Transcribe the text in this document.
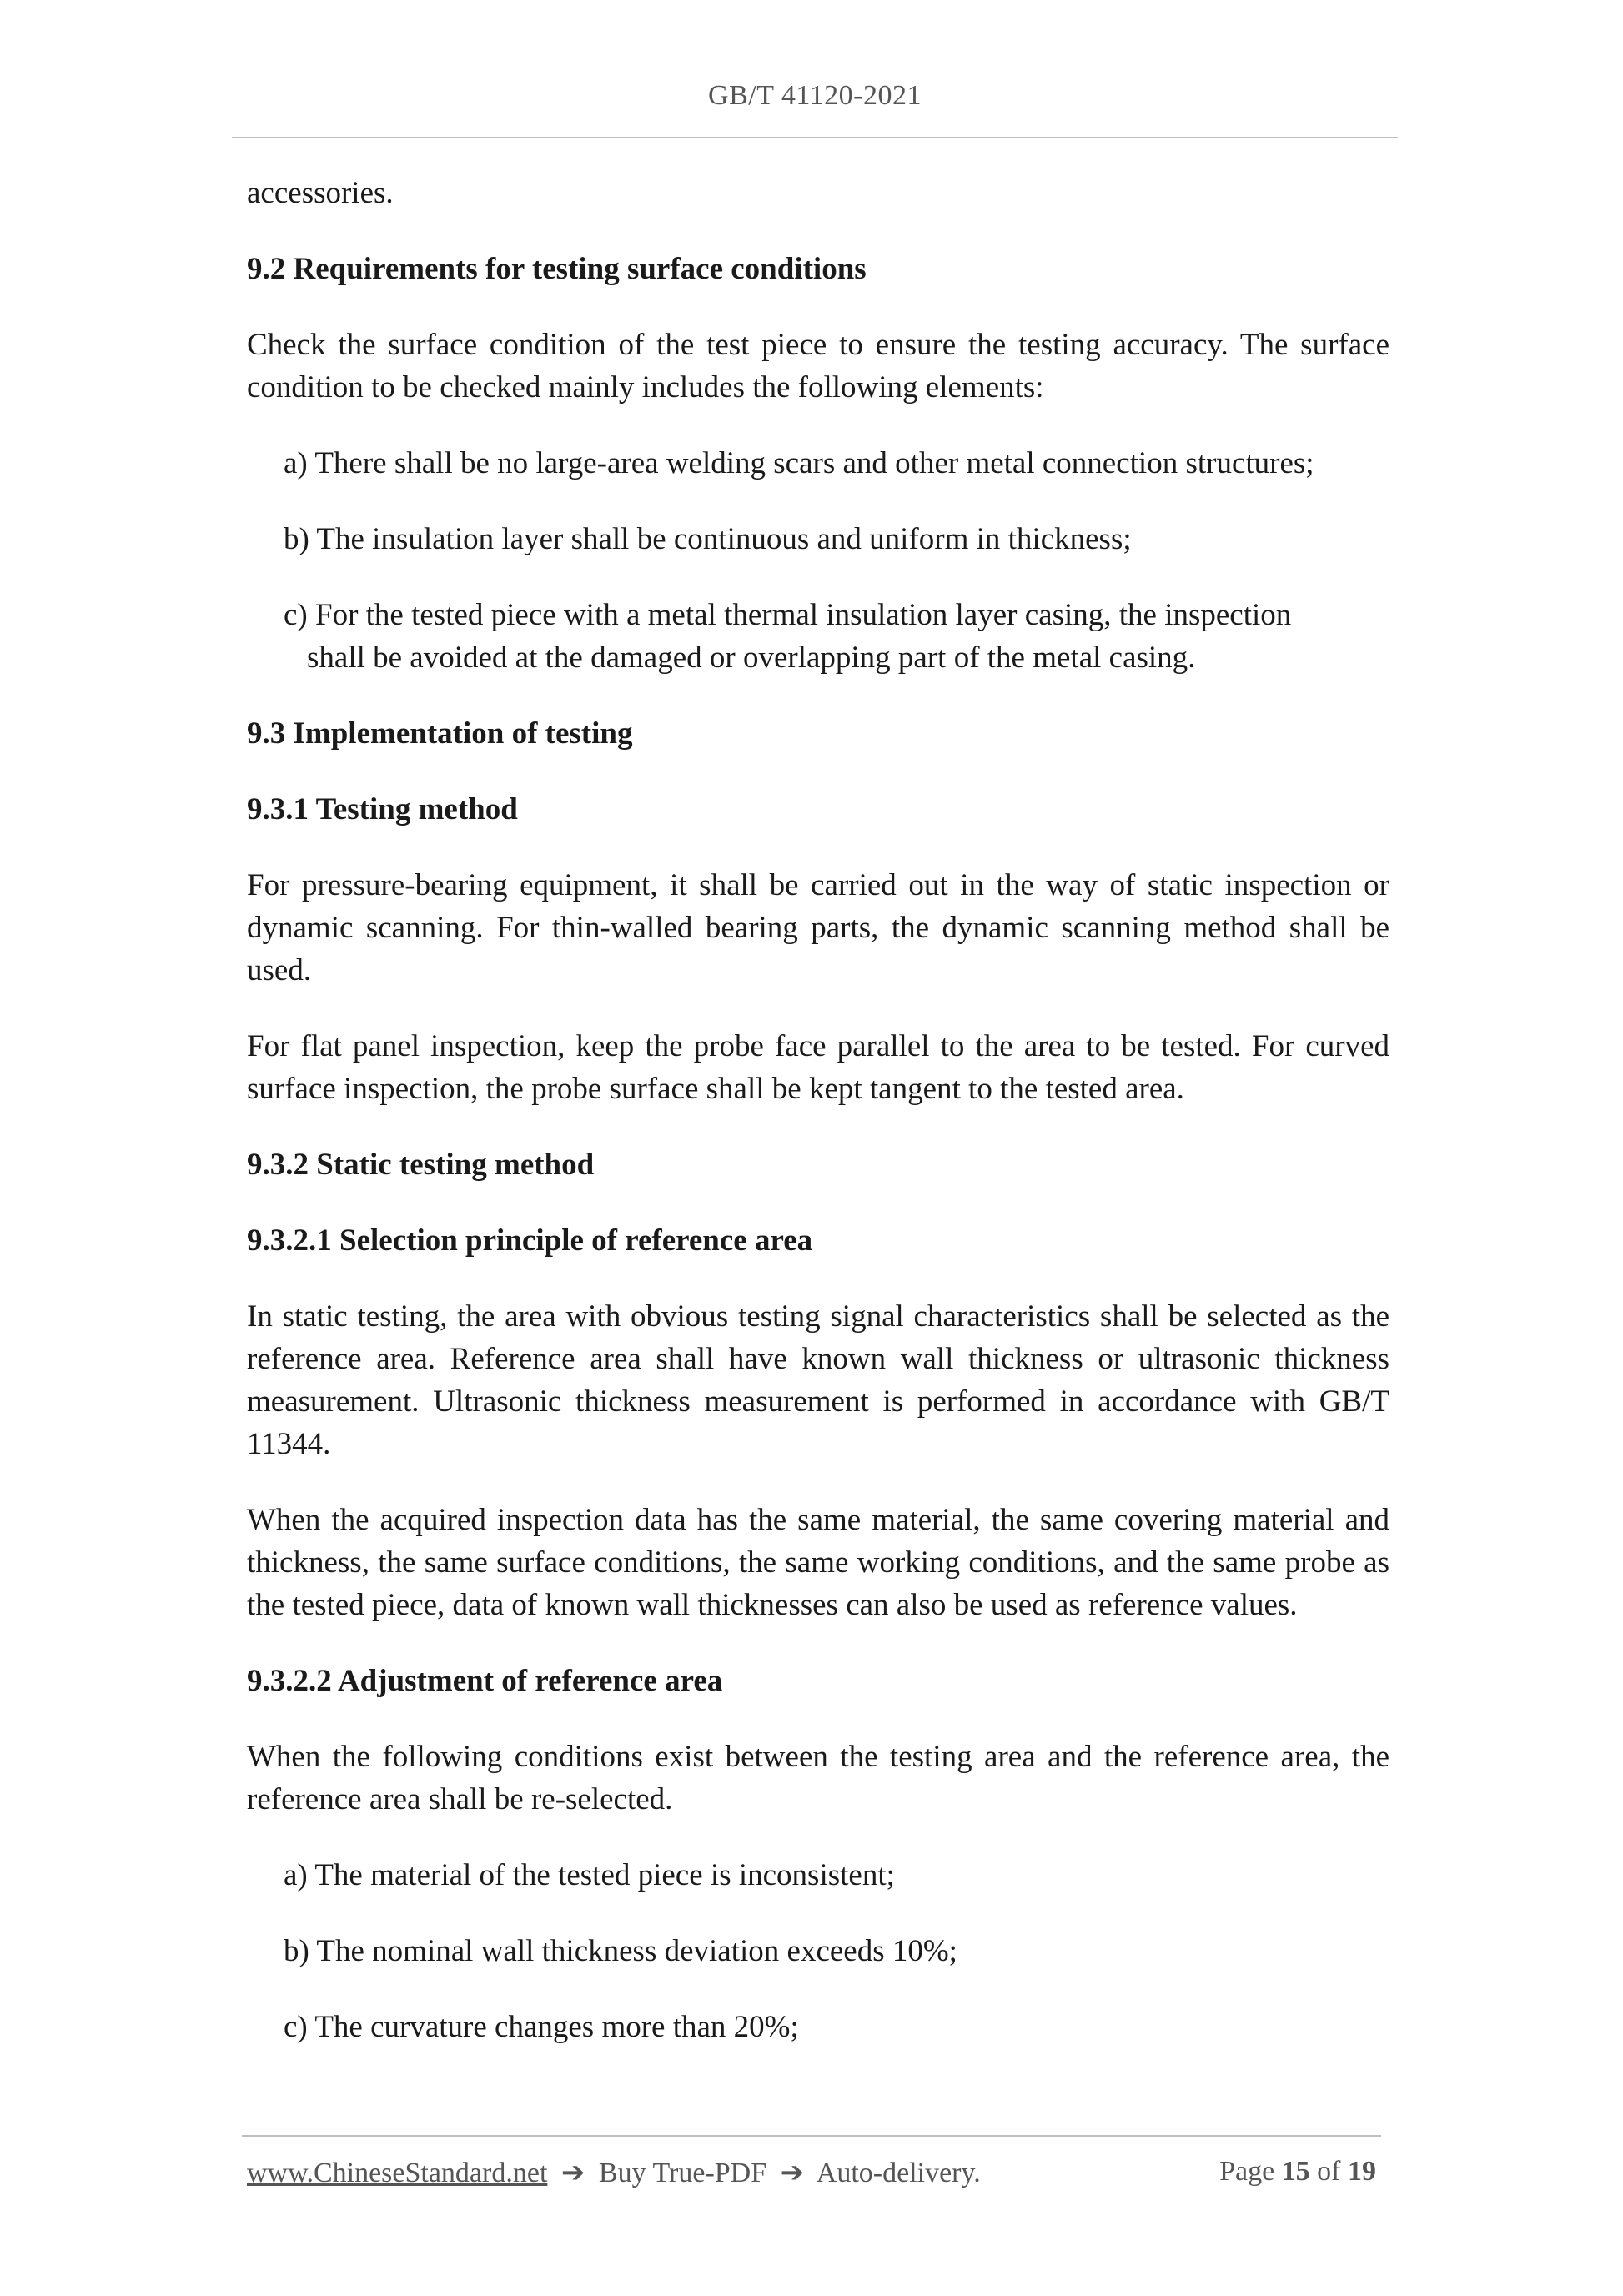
GB/T 41120-2021

accessories.

9.2 Requirements for testing surface conditions

Check the surface condition of the test piece to ensure the testing accuracy. The surface condition to be checked mainly includes the following elements:

a) There shall be no large-area welding scars and other metal connection structures;

b) The insulation layer shall be continuous and uniform in thickness;

c) For the tested piece with a metal thermal insulation layer casing, the inspection
shall be avoided at the damaged or overlapping part of the metal casing.

9.3 Implementation of testing

9.3.1 Testing method

For pressure-bearing equipment, it shall be carried out in the way of static inspection or dynamic scanning. For thin-walled bearing parts, the dynamic scanning method shall be used.

For flat panel inspection, keep the probe face parallel to the area to be tested. For curved surface inspection, the probe surface shall be kept tangent to the tested area.

9.3.2 Static testing method

9.3.2.1 Selection principle of reference area

In static testing, the area with obvious testing signal characteristics shall be selected as the reference area. Reference area shall have known wall thickness or ultrasonic thickness measurement. Ultrasonic thickness measurement is performed in accordance with GB/T 11344.

When the acquired inspection data has the same material, the same covering material and thickness, the same surface conditions, the same working conditions, and the same probe as the tested piece, data of known wall thicknesses can also be used as reference values.

9.3.2.2 Adjustment of reference area

When the following conditions exist between the testing area and the reference area, the reference area shall be re-selected.

a) The material of the tested piece is inconsistent;

b) The nominal wall thickness deviation exceeds 10%;

c) The curvature changes more than 20%;

www.ChineseStandard.net ➔ Buy True-PDF ➔ Auto-delivery.	Page 15 of 19
